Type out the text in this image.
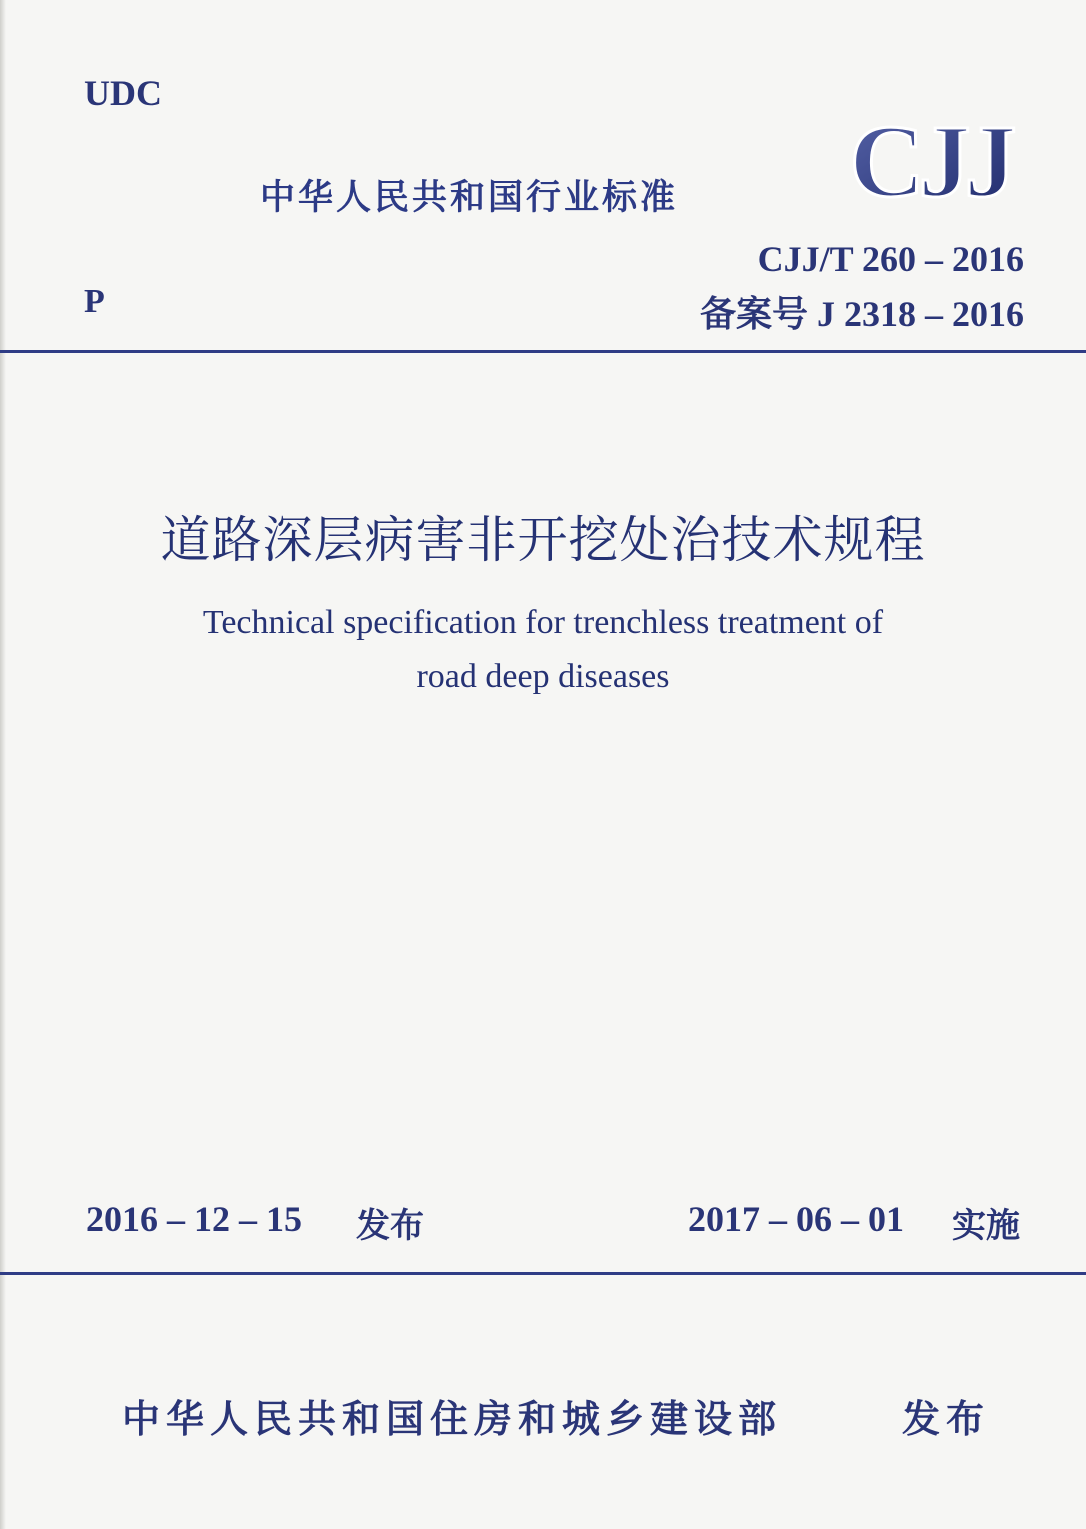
UDC
中华人民共和国行业标准 CJJ
CJJ/T 260 – 2016
P	备案号 J 2318 – 2016
道路深层病害非开挖处治技术规程
Technical specification for trenchless treatment of
road deep diseases
2016 – 12 – 15 发布	2017 – 06 – 01 实施
中华人民共和国住房和城乡建设部	发布
